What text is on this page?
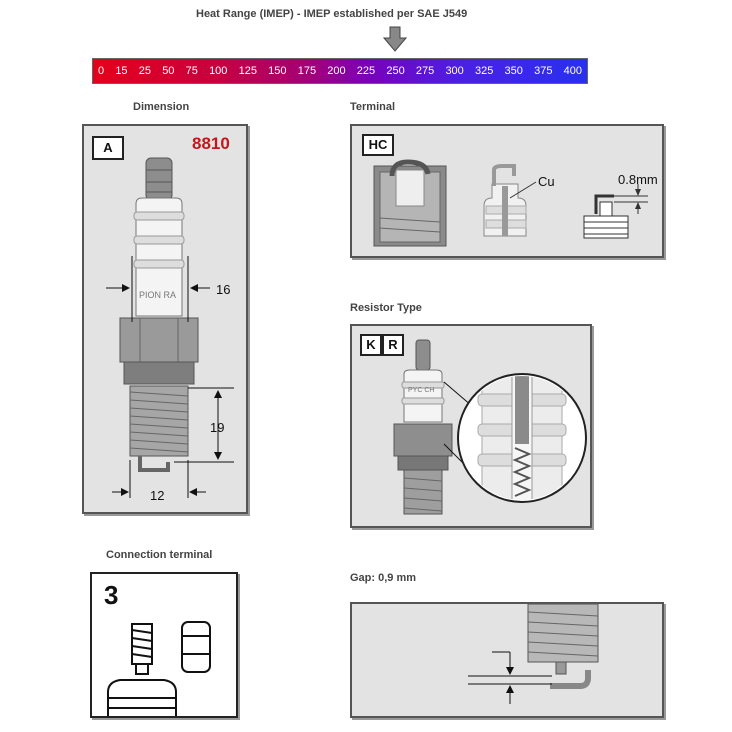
Heat Range (IMEP) - IMEP established per SAE J549
0 15 25 50 75 100 125 150 175 200 225 250 275 300 325 350 375 400
Dimension
PION RA	16
19
12
A	8810
Terminal
Cu	0.8mm
HC
Resistor Type
PYC CH
K R
Connection terminal
3
Gap: 0,9 mm
